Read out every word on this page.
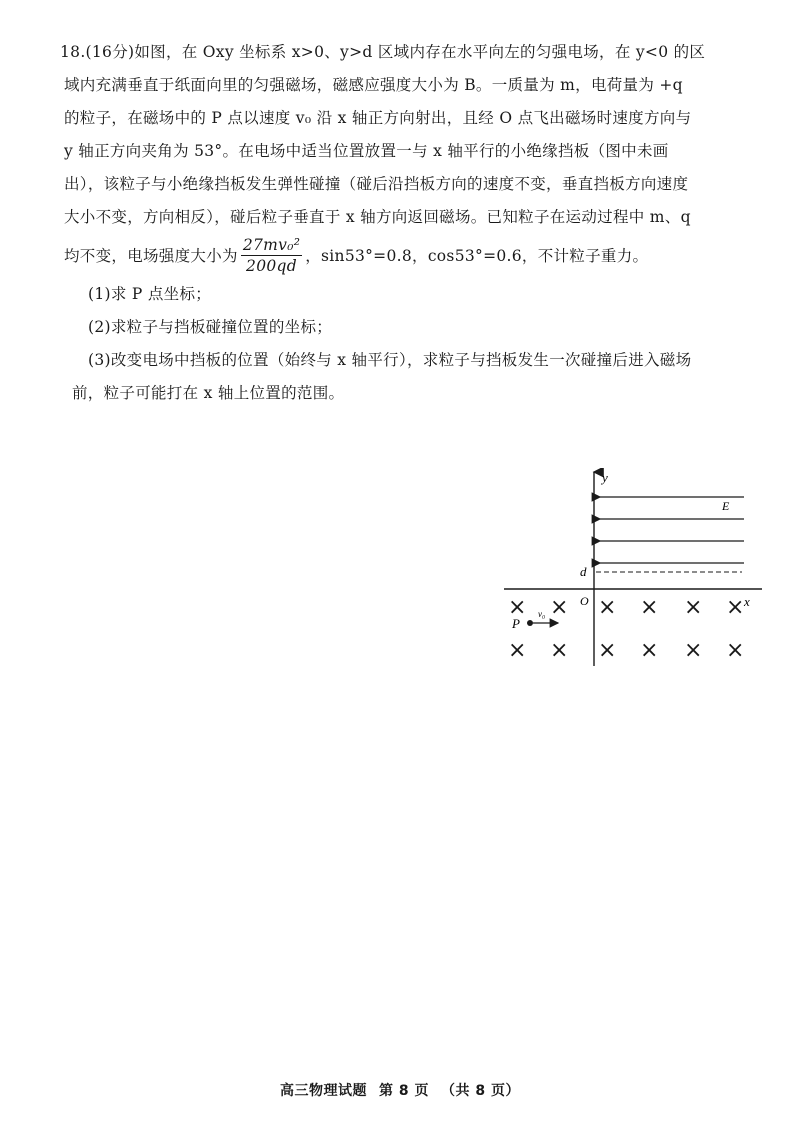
18.(16分)如图，在 Oxy 坐标系 x>0、y>d 区域内存在水平向左的匀强电场，在 y<0 的区

域内充满垂直于纸面向里的匀强磁场，磁感应强度大小为 B。一质量为 m，电荷量为 +q

的粒子，在磁场中的 P 点以速度 v₀ 沿 x 轴正方向射出，且经 O 点飞出磁场时速度方向与

y 轴正方向夹角为 53°。在电场中适当位置放置一与 x 轴平行的小绝缘挡板（图中未画

出），该粒子与小绝缘挡板发生弹性碰撞（碰后沿挡板方向的速度不变，垂直挡板方向速度

大小不变，方向相反），碰后粒子垂直于 x 轴方向返回磁场。已知粒子在运动过程中 m、q

均不变，电场强度大小为 $\frac{\text{27mv₀²}}{200qd}$ ，sin53°=0.8，cos53°=0.6，不计粒子重力。

(1)求 P 点坐标；

(2)求粒子与挡板碰撞位置的坐标；

(3)改变电场中挡板的位置（始终与 x 轴平行），求粒子与挡板发生一次碰撞后进入磁场

前，粒子可能打在 x 轴上位置的范围。

y
x
O
E
d
× × × × × ×
× × × × × ×
P
v₀
高三物理试题 第 8 页 （共 8 页）
